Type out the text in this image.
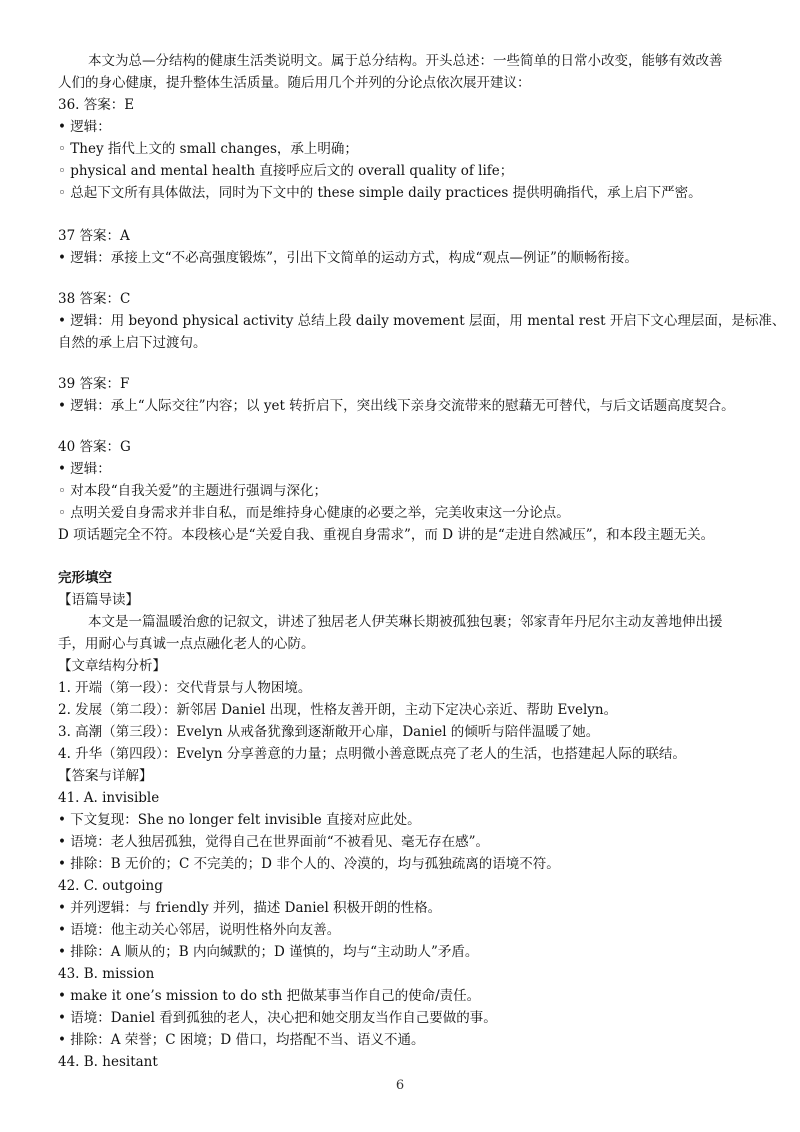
本文为总—分结构的健康生活类说明文。属于总分结构。开头总述：一些简单的日常小改变，能够有效改善
人们的身心健康，提升整体生活质量。随后用几个并列的分论点依次展开建议：
36. 答案：E
• 逻辑：
◦ They 指代上文的 small changes，承上明确；
◦ physical and mental health 直接呼应后文的 overall quality of life；
◦ 总起下文所有具体做法，同时为下文中的 these simple daily practices 提供明确指代，承上启下严密。
37 答案：A
• 逻辑：承接上文“不必高强度锻炼”，引出下文简单的运动方式，构成“观点—例证”的顺畅衔接。
38 答案：C
• 逻辑：用 beyond physical activity 总结上段 daily movement 层面，用 mental rest 开启下文心理层面，是标准、
自然的承上启下过渡句。
39 答案：F
• 逻辑：承上“人际交往”内容；以 yet 转折启下，突出线下亲身交流带来的慰藉无可替代，与后文话题高度契合。
40 答案：G
• 逻辑：
◦ 对本段“自我关爱”的主题进行强调与深化；
◦ 点明关爱自身需求并非自私，而是维持身心健康的必要之举，完美收束这一分论点。
D 项话题完全不符。本段核心是“关爱自我、重视自身需求”，而 D 讲的是“走进自然减压”，和本段主题无关。
完形填空
【语篇导读】
本文是一篇温暖治愈的记叙文，讲述了独居老人伊芙琳长期被孤独包裹；邻家青年丹尼尔主动友善地伸出援
手，用耐心与真诚一点点融化老人的心防。
【文章结构分析】
1. 开端（第一段）：交代背景与人物困境。
2. 发展（第二段）：新邻居 Daniel 出现，性格友善开朗，主动下定决心亲近、帮助 Evelyn。
3. 高潮（第三段）：Evelyn 从戒备犹豫到逐渐敞开心扉，Daniel 的倾听与陪伴温暖了她。
4. 升华（第四段）：Evelyn 分享善意的力量；点明微小善意既点亮了老人的生活，也搭建起人际的联结。
【答案与详解】
41. A. invisible
• 下文复现：She no longer felt invisible 直接对应此处。
• 语境：老人独居孤独，觉得自己在世界面前“不被看见、毫无存在感”。
• 排除：B 无价的；C 不完美的；D 非个人的、冷漠的，均与孤独疏离的语境不符。
42. C. outgoing
• 并列逻辑：与 friendly 并列，描述 Daniel 积极开朗的性格。
• 语境：他主动关心邻居，说明性格外向友善。
• 排除：A 顺从的；B 内向缄默的；D 谨慎的，均与“主动助人”矛盾。
43. B. mission
• make it one’s mission to do sth 把做某事当作自己的使命/责任。
• 语境：Daniel 看到孤独的老人，决心把和她交朋友当作自己要做的事。
• 排除：A 荣誉；C 困境；D 借口，均搭配不当、语义不通。
44. B. hesitant
6
